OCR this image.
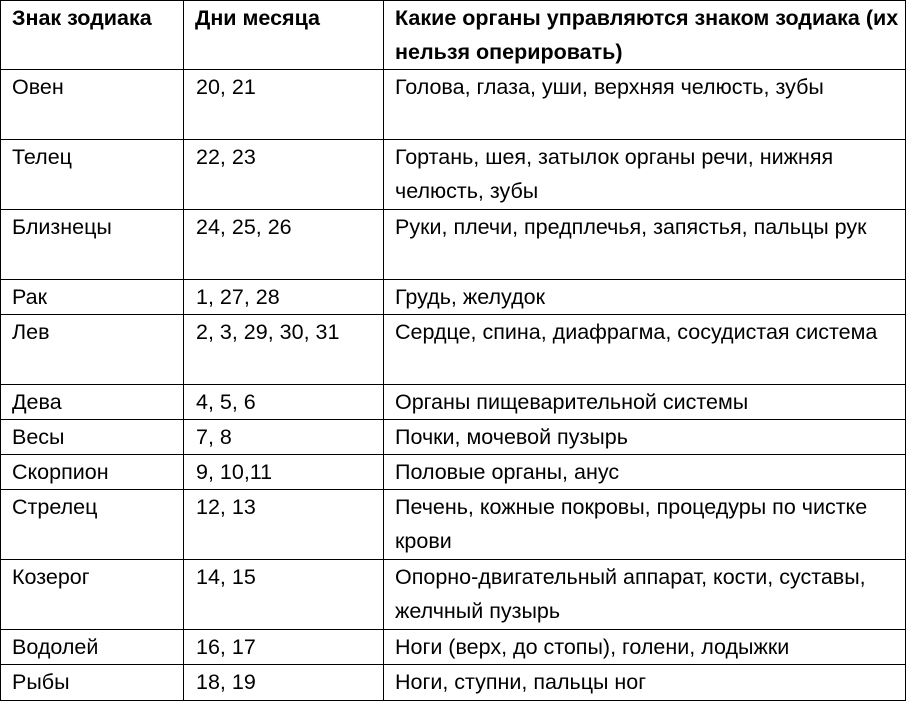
Знак зодиака	Дни месяца	Какие органы управляются знаком зодиака (их нельзя оперировать)
Овен	20, 21	Голова, глаза, уши, верхняя челюсть, зубы
Телец	22, 23	Гортань, шея, затылок органы речи, нижняя челюсть, зубы
Близнецы	24, 25, 26	Руки, плечи, предплечья, запястья, пальцы рук
Рак	1, 27, 28	Грудь, желудок
Лев	2, 3, 29, 30, 31	Сердце, спина, диафрагма, сосудистая система
Дева	4, 5, 6	Органы пищеварительной системы
Весы	7, 8	Почки, мочевой пузырь
Скорпион	9, 10,11	Половые органы, анус
Стрелец	12, 13	Печень, кожные покровы, процедуры по чистке крови
Козерог	14, 15	Опорно-двигательный аппарат, кости, суставы, желчный пузырь
Водолей	16, 17	Ноги (верх, до стопы), голени, лодыжки
Рыбы	18, 19	Ноги, ступни, пальцы ног
